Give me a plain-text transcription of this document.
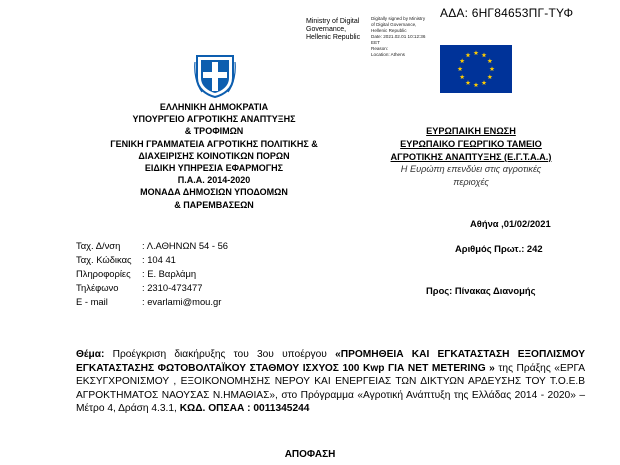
ΑΔΑ: 6ΗΓ84653ΠΓ-ΤΥΦ
Ministry of Digital
Governance,
Hellenic Republic
Digitally signed by Ministry
of Digital Governance,
Hellenic Republic
Date: 2021.02.01 10:12:36
EET
Reason:
Location: Athens
ΕΛΛΗΝΙΚΗ ΔΗΜΟΚΡΑΤΙΑ
ΥΠΟΥΡΓΕΙΟ ΑΓΡΟΤΙΚΗΣ ΑΝΑΠΤΥΞΗΣ
& ΤΡΟΦΙΜΩΝ
ΓΕΝΙΚΗ ΓΡΑΜΜΑΤΕΙΑ ΑΓΡΟΤΙΚΗΣ ΠΟΛΙΤΙΚΗΣ &
ΔΙΑΧΕΙΡΙΣΗΣ ΚΟΙΝΟΤΙΚΩΝ ΠΟΡΩΝ
ΕΙΔΙΚΗ ΥΠΗΡΕΣΙΑ ΕΦΑΡΜΟΓΗΣ
Π.Α.Α. 2014-2020
ΜΟΝΑΔΑ ΔΗΜΟΣΙΩΝ ΥΠΟΔΟΜΩΝ
& ΠΑΡΕΜΒΑΣΕΩΝ
ΕΥΡΩΠΑΙΚΗ ΕΝΩΣΗ
ΕΥΡΩΠΑΙΚΟ ΓΕΩΡΓΙΚΟ ΤΑΜΕΙΟ
ΑΓΡΟΤΙΚΗΣ ΑΝΑΠΤΥΞΗΣ (Ε.Γ.Τ.Α.Α.)
Η Ευρώπη επενδύει στις αγροτικές
περιοχές
Αθήνα ,01/02/2021
Αριθμός Πρωτ.: 242
Ταχ. Δ/νση : Λ.ΑΘΗΝΩΝ 54 - 56
Ταχ. Κώδικας : 104 41
Πληροφορίες : Ε. Βαρλάμη
Τηλέφωνο	: 2310-473477
E - mail	: evarlami@mou.gr
Προς: Πίνακας Διανομής
Θέμα: Προέγκριση διακήρυξης του 3ου υποέργου «ΠΡΟΜΗΘΕΙΑ ΚΑΙ ΕΓΚΑΤΑΣΤΑΣΗ ΕΞΟΠΛΙΣΜΟΥ ΕΓΚΑΤΑΣΤΑΣΗΣ ΦΩΤΟΒΟΛΤΑΪΚΟΥ ΣΤΑΘΜΟΥ ΙΣΧΥΟΣ 100 Kwp ΓΙΑ NET METERING » της Πράξης «ΕΡΓΑ ΕΚΣΥΓΧΡΟΝΙΣΜΟΥ , ΕΞΟΙΚΟΝΟΜΗΣΗΣ ΝΕΡΟΥ ΚΑΙ ΕΝΕΡΓΕΙΑΣ ΤΩΝ ΔΙΚΤΥΩΝ ΑΡΔΕΥΣΗΣ ΤΟΥ Τ.Ο.Ε.Β ΑΓΡΟΚΤΗΜΑΤΟΣ ΝΑΟΥΣΑΣ Ν.ΗΜΑΘΙΑΣ», στο Πρόγραμμα «Αγροτική Ανάπτυξη της Ελλάδας 2014 - 2020» – Μέτρο 4, Δράση 4.3.1, ΚΩΔ. ΟΠΣΑΑ : 0011345244
ΑΠΟΦΑΣΗ
